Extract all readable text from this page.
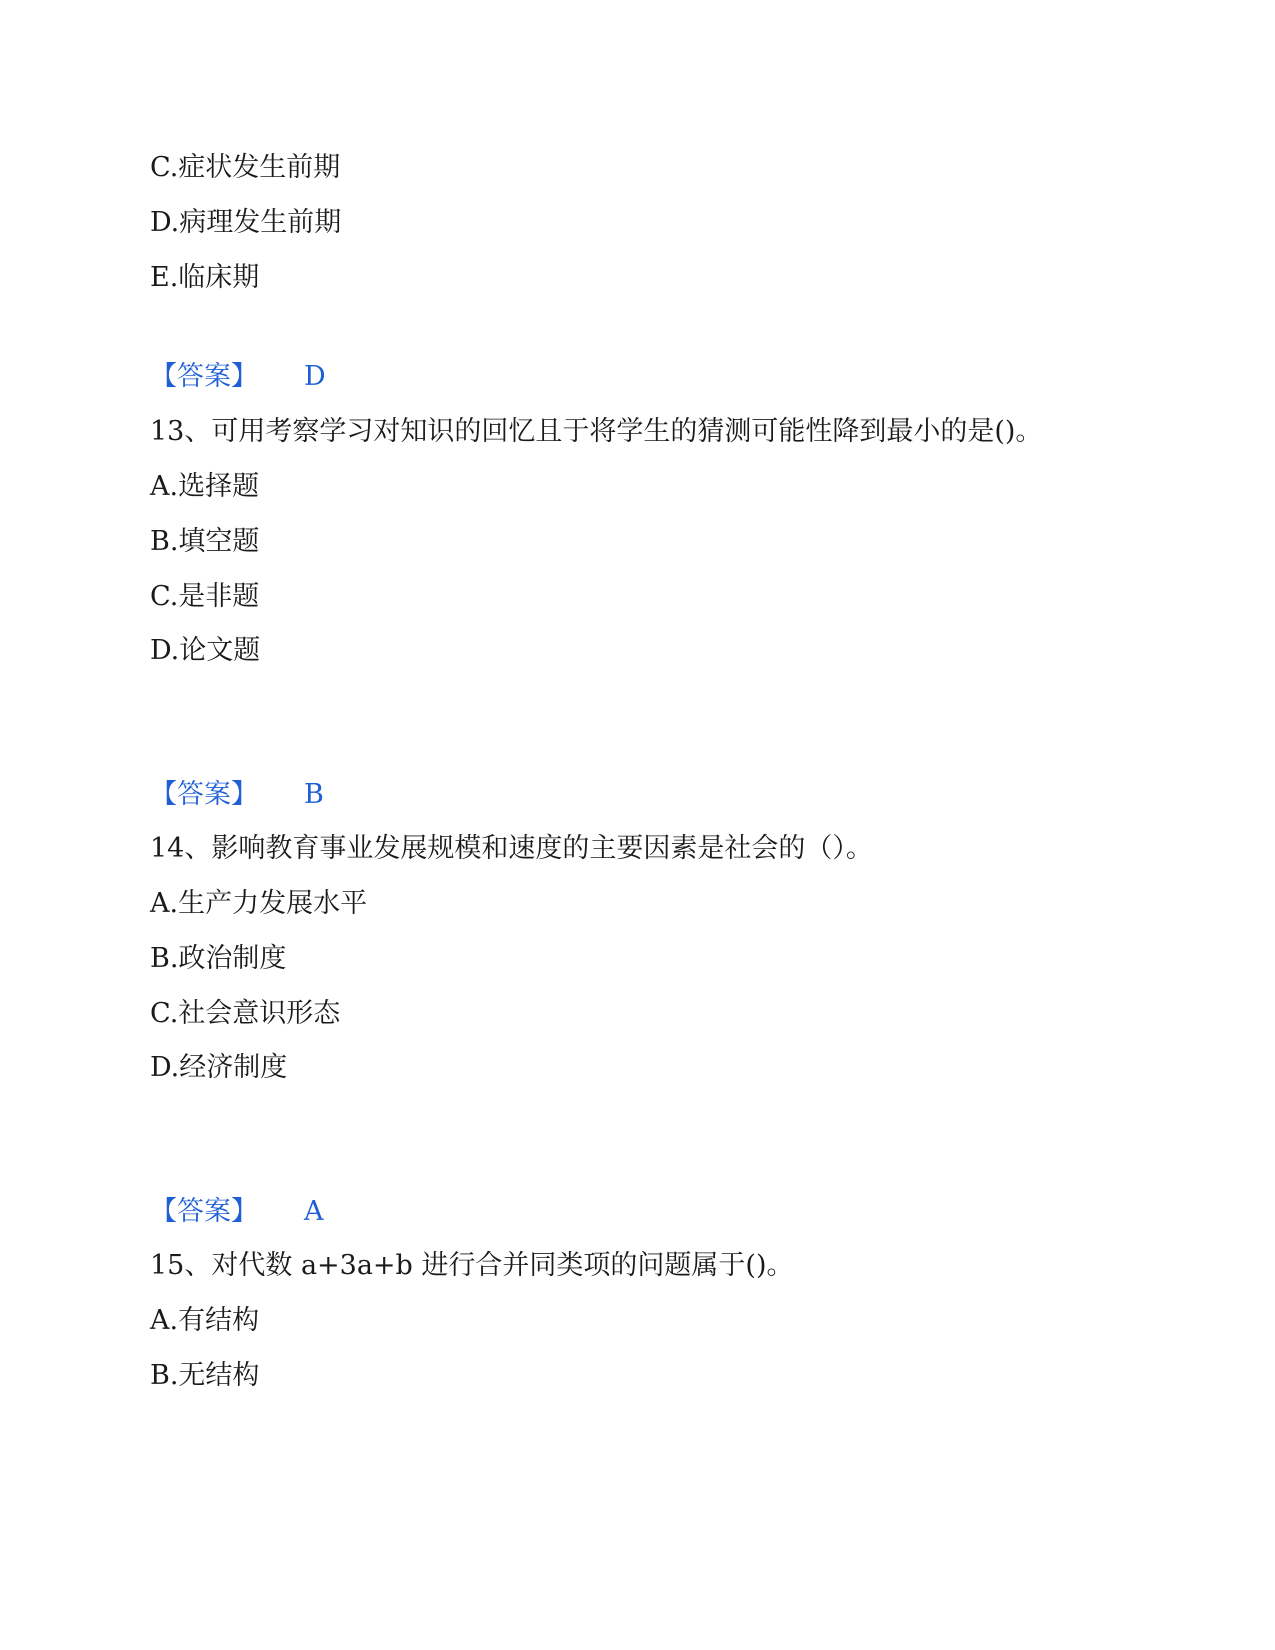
C.症状发生前期
D.病理发生前期
E.临床期
【答案】 D
13、可用考察学习对知识的回忆且于将学生的猜测可能性降到最小的是()。
A.选择题
B.填空题
C.是非题
D.论文题
【答案】 B
14、影响教育事业发展规模和速度的主要因素是社会的（）。
A.生产力发展水平
B.政治制度
C.社会意识形态
D.经济制度
【答案】 A
15、对代数 a+3a+b 进行合并同类项的问题属于()。
A.有结构
B.无结构
